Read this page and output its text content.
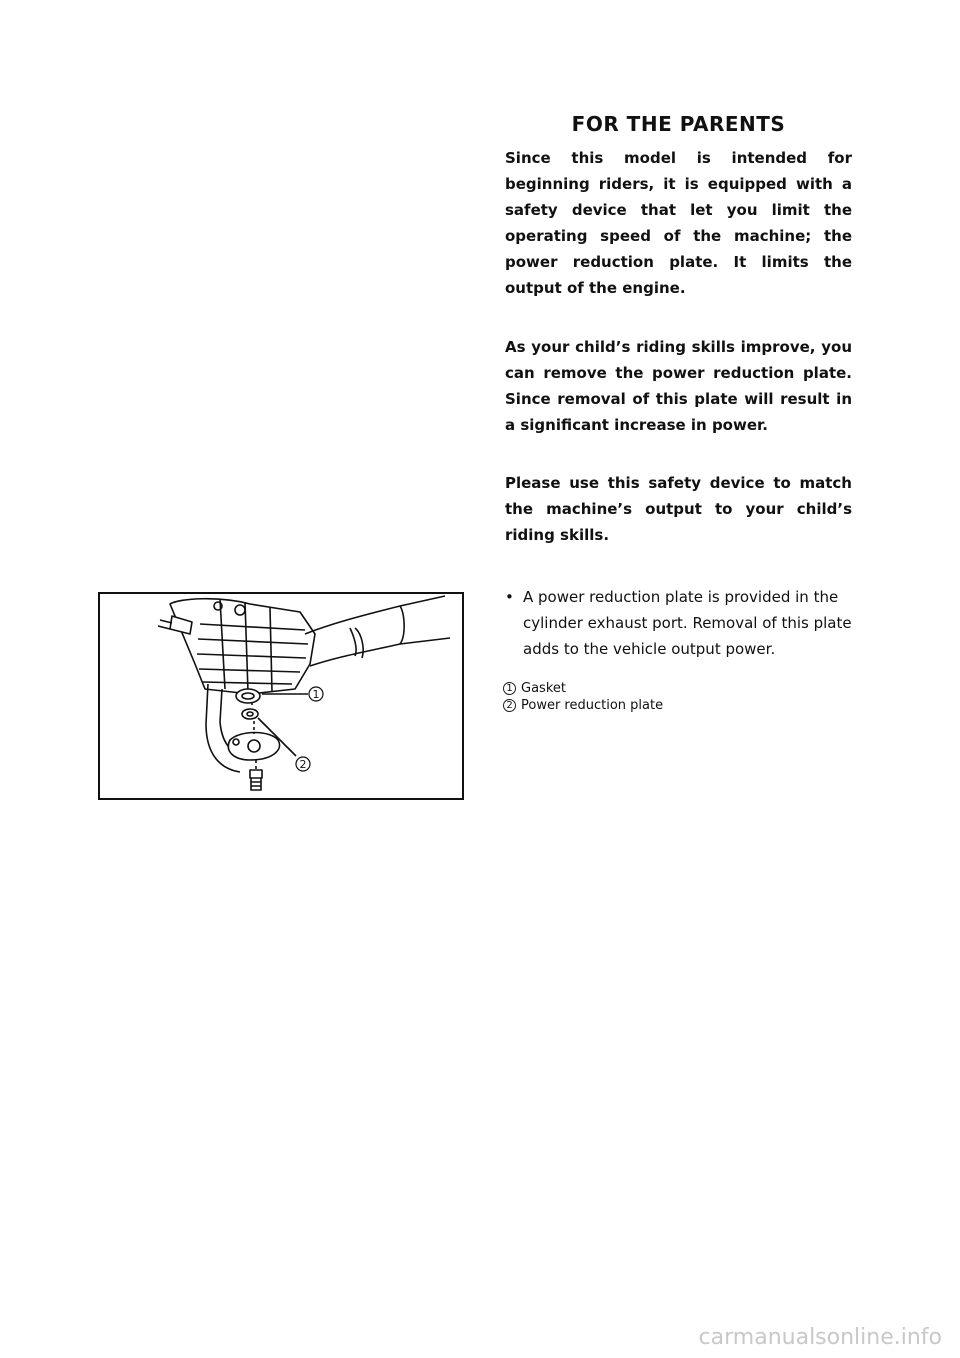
FOR THE PARENTS

Since this model is intended for beginning riders, it is equipped with a safety device that let you limit the operating speed of the machine; the power reduction plate. It limits the output of the engine.

As your child’s riding skills improve, you can remove the power reduction plate. Since removal of this plate will result in a significant increase in power.

Please use this safety device to match the machine’s output to your child’s riding skills.

• A power reduction plate is provided in the cylinder exhaust port. Removal of this plate adds to the vehicle output power.

1 Gasket
2 Power reduction plate
1
2
carmanualsonline.info
